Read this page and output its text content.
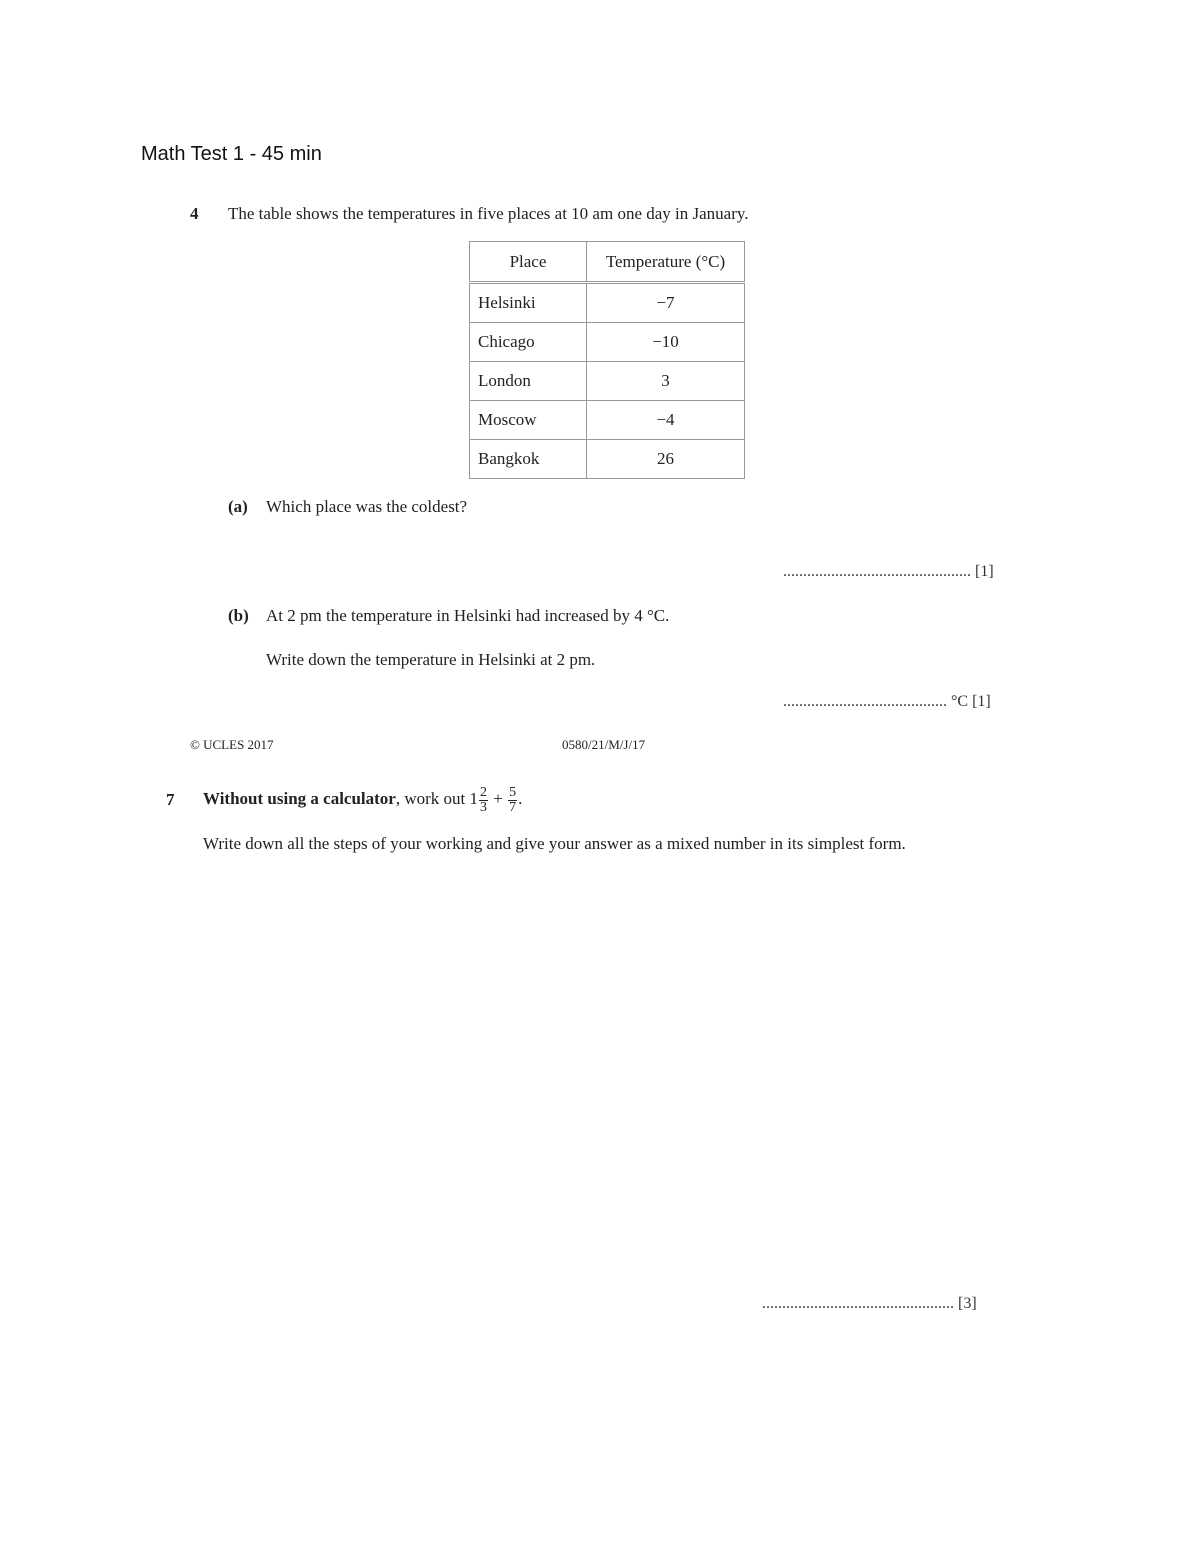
Math Test 1 - 45 min
4 The table shows the temperatures in five places at 10 am one day in January.
Place	Temperature (°C)
Helsinki	−7
Chicago	−10
London	3
Moscow	−4
Bangkok	26
(a) Which place was the coldest?
............................................... [1]
(b) At 2 pm the temperature in Helsinki had increased by 4 °C.
Write down the temperature in Helsinki at 2 pm.
......................................... °C [1]
© UCLES 2017	0580/21/M/J/17
7 Without using a calculator, work out $1 \frac{2}{3} + \frac{5}{7}$ .
Write down all the steps of your working and give your answer as a mixed number in its simplest form.
................................................ [3]
